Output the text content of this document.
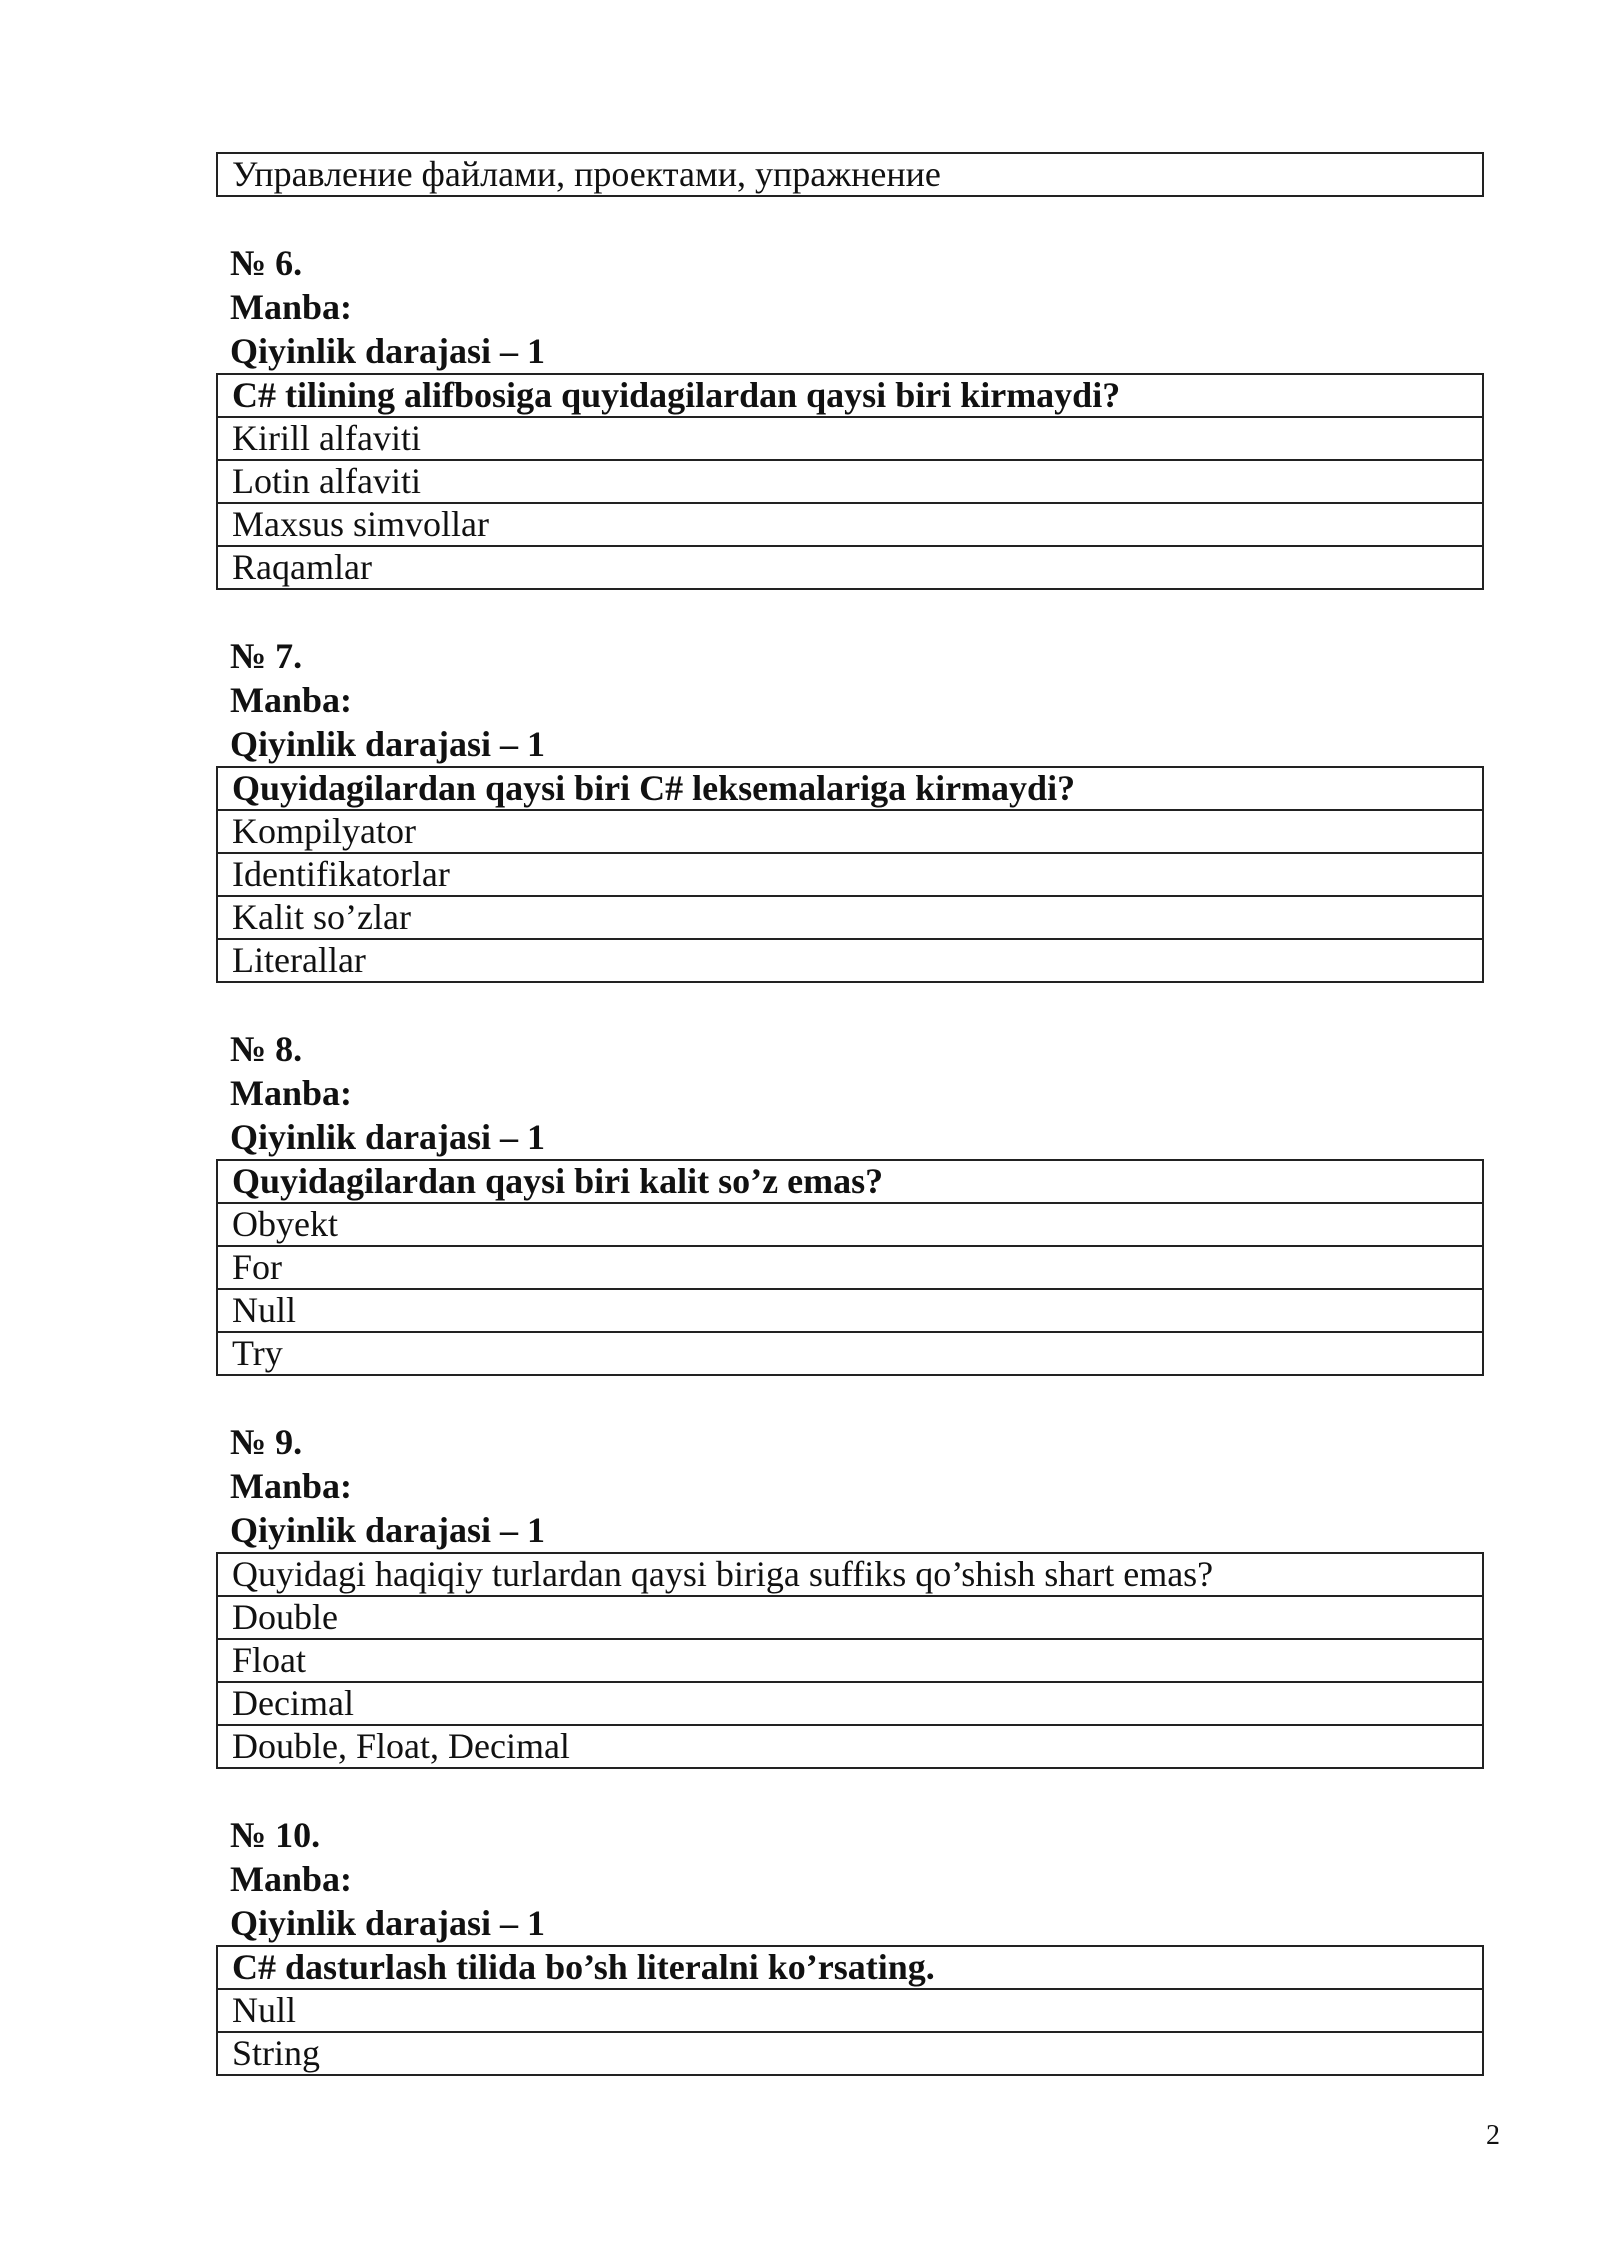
Управление файлами, проектами, упражнение
№ 6.
Manba:
Qiyinlik darajasi – 1
C# tilining alifbosiga quyidagilardan qaysi biri kirmaydi?
Kirill alfaviti
Lotin alfaviti
Maxsus simvollar
Raqamlar
№ 7.
Manba:
Qiyinlik darajasi – 1
Quyidagilardan qaysi biri C# leksemalariga kirmaydi?
Kompilyator
Identifikatorlar
Kalit so’zlar
Literallar
№ 8.
Manba:
Qiyinlik darajasi – 1
Quyidagilardan qaysi biri kalit so’z emas?
Obyekt
For
Null
Try
№ 9.
Manba:
Qiyinlik darajasi – 1
Quyidagi haqiqiy turlardan qaysi biriga suffiks qo’shish shart emas?
Double
Float
Decimal
Double, Float, Decimal
№ 10.
Manba:
Qiyinlik darajasi – 1
C# dasturlash tilida bo’sh literalni ko’rsating.
Null
String
2
